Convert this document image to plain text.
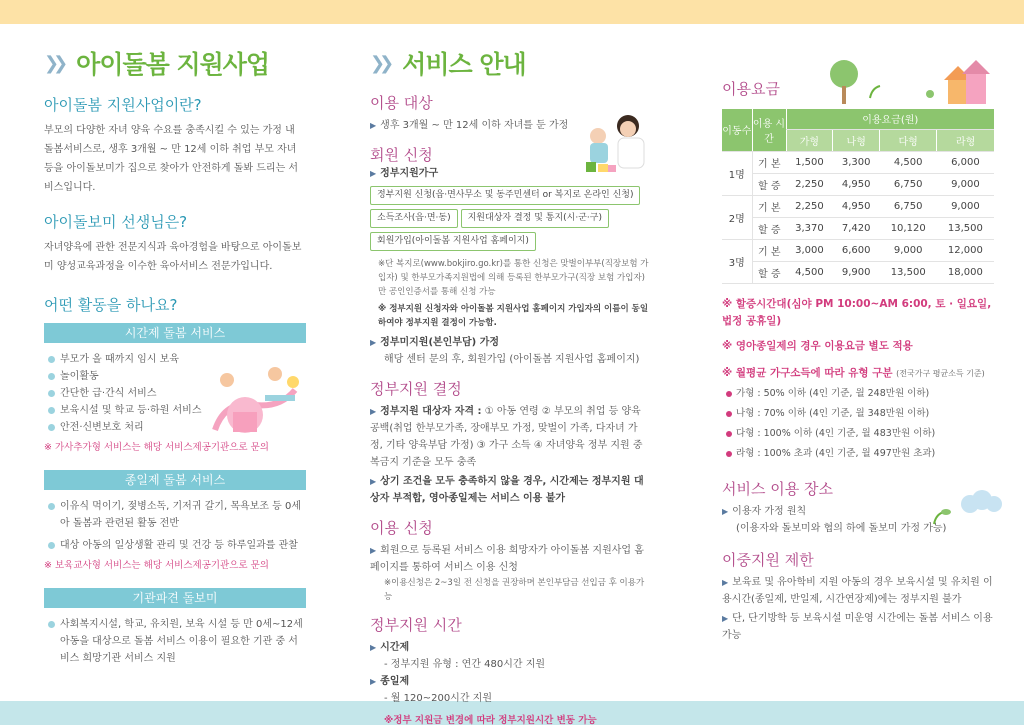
❯❯ 아이돌봄 지원사업
아이돌봄 지원사업이란?

부모의 다양한 자녀 양육 수요를 충족시킬 수 있는 가정 내 돌봄서비스로, 생후 3개월 ~ 만 12세 이하 취업 부모 자녀 등을 아이돌보미가 집으로 찾아가 안전하게 돌봐 드리는 서비스입니다.

아이돌보미 선생님은?

자녀양육에 관한 전문지식과 육아경험을 바탕으로 아이돌보미 양성교육과정을 이수한 육아서비스 전문가입니다.

어떤 활동을 하나요?
시간제 돌봄 서비스
부모가 올 때까지 임시 보육
놀이활동
간단한 급·간식 서비스
보육시설 및 학교 등·하원 서비스
안전·신변보호 처리
※ 가사추가형 서비스는 해당 서비스제공기관으로 문의
종일제 돌봄 서비스
이유식 먹이기, 젖병소독, 기저귀 갈기, 목욕보조 등 0세아 돌봄과 관련된 활동 전반
대상 아동의 일상생활 관리 및 건강 등 하루일과를 관찰
※ 보육교사형 서비스는 해당 서비스제공기관으로 문의
기관파견 돌보미
사회복지시설, 학교, 유치원, 보육 시설 등 만 0세~12세 아동을 대상으로 돌봄 서비스 이용이 필요한 기관 중 서비스 희망기관 서비스 지원
❯❯ 서비스 안내
이용 대상
▶ 생후 3개월 ~ 만 12세 이하 자녀를 둔 가정
회원 신청
▶ 정부지원가구
정부지원 신청(읍·면사무소 및 동주민센터 or 복지로 온라인 신청)
소득조사(읍·면·동) 지원대상자 결정 및 통지(시·군·구)
회원가입(아이돌봄 지원사업 홈페이지)
※단 복지로(www.bokjiro.go.kr)를 통한 신청은 맞벌이부부(직장보험 가입자) 및 한부모가족지원법에 의해 등록된 한부모가구(직장 보험 가입자)만 공인인증서를 통해 신청 가능
※ 정부지원 신청자와 아이돌봄 지원사업 홈페이지 가입자의 이름이 동일하여야 정부지원 결정이 가능함.
▶ 정부미지원(본인부담) 가정
해당 센터 문의 후, 회원가입 (아이돌봄 지원사업 홈페이지)
정부지원 결정
▶ 정부지원 대상자 자격 : ① 아동 연령 ② 부모의 취업 등 양육공백(취업 한부모가족, 장애부모 가정, 맞벌이 가족, 다자녀 가정, 기타 양육부담 가정) ③ 가구 소득 ④ 자녀양육 정부 지원 중복금지 기준을 모두 충족
▶ 상기 조건을 모두 충족하지 않을 경우, 시간제는 정부지원 대상자 부적합, 영아종일제는 서비스 이용 불가
이용 신청
▶ 회원으로 등록된 서비스 이용 희망자가 아이돌봄 지원사업 홈페이지를 통하여 서비스 이용 신청
※이용신청은 2~3일 전 신청을 권장하며 본인부담금 선입금 후 이용가능
정부지원 시간
▶ 시간제
- 정부지원 유형 : 연간 480시간 지원
▶ 종일제
- 월 120~200시간 지원
※정부 지원금 변경에 따라 정부지원시간 변동 가능
이용요금
이동수	이용 시간	이용요금(원)			
		가형	나형	다형	라형
1명	기 본	1,500	3,300	4,500	6,000
	할 증	2,250	4,950	6,750	9,000
2명	기 본	2,250	4,950	6,750	9,000
	할 증	3,370	7,420	10,120	13,500
3명	기 본	3,000	6,600	9,000	12,000
	할 증	4,500	9,900	13,500	18,000
※ 할증시간대(심야 PM 10:00~AM 6:00, 토 · 일요일, 법정 공휴일)
※ 영아종일제의 경우 이용요금 별도 적용
※ 월평균 가구소득에 따라 유형 구분 (전국가구 평균소득 기준)
가형 : 50% 이하 (4인 기준, 월 248만원 이하)
나형 : 70% 이하 (4인 기준, 월 348만원 이하)
다형 : 100% 이하 (4인 기준, 월 483만원 이하)
라형 : 100% 초과 (4인 기준, 월 497만원 초과)
서비스 이용 장소
▶ 이용자 가정 원칙
(이용자와 돌보미와 협의 하에 돌보미 가정 가능)
이중지원 제한
▶ 보육료 및 유아학비 지원 아동의 경우 보육시설 및 유치원 이용시간(종일제, 반일제, 시간연장제)에는 정부지원 불가
▶ 단, 단기방학 등 보육시설 미운영 시간에는 돌봄 서비스 이용가능
